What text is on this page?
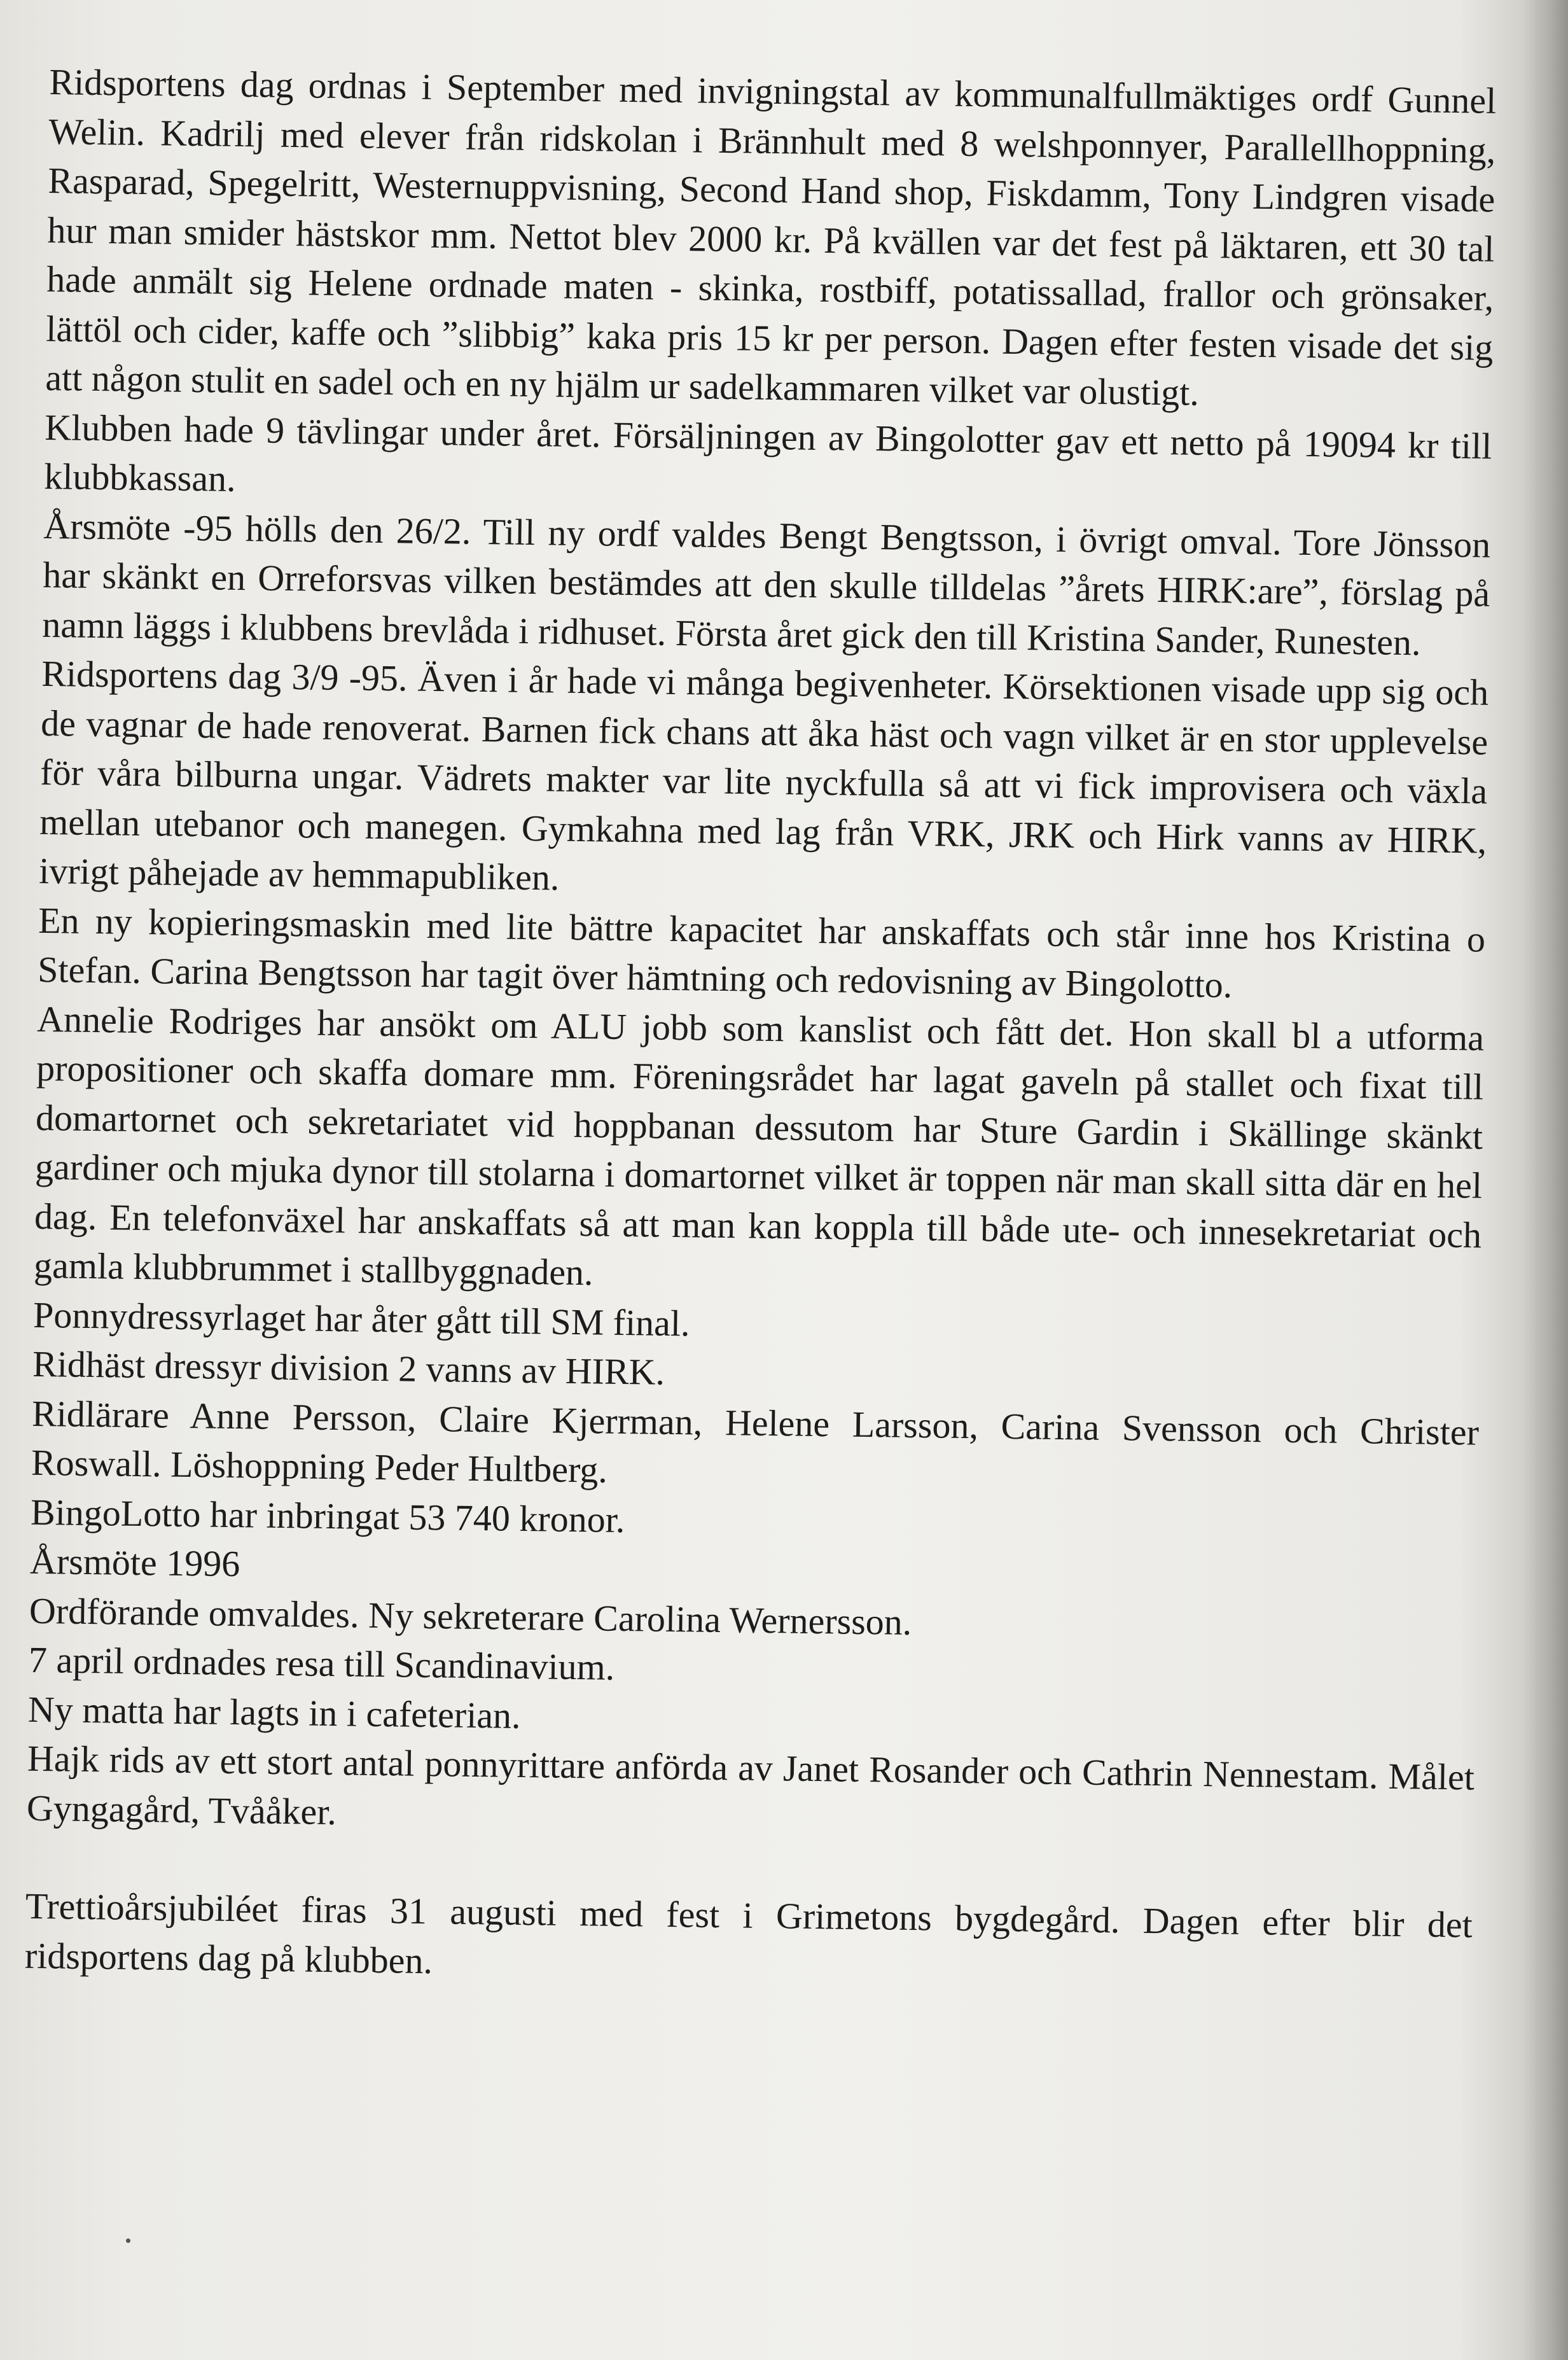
Ridsportens dag ordnas i September med invigningstal av kommunalfullmäktiges ordf Gunnel Welin. Kadrilj med elever från ridskolan i Brännhult med 8 welshponnyer, Parallellhoppning, Rasparad, Spegelritt, Westernuppvisning, Second Hand shop, Fiskdamm, Tony Lindgren visade hur man smider hästskor mm. Nettot blev 2000 kr. På kvällen var det fest på läktaren, ett 30 tal hade anmält sig Helene ordnade maten - skinka, rostbiff, potatissallad, frallor och grönsaker, lättöl och cider, kaffe och ”slibbig” kaka pris 15 kr per person. Dagen efter festen visade det sig att någon stulit en sadel och en ny hjälm ur sadelkammaren vilket var olustigt.

Klubben hade 9 tävlingar under året. Försäljningen av Bingolotter gav ett netto på 19094 kr till klubbkassan.

Årsmöte -95 hölls den 26/2. Till ny ordf valdes Bengt Bengtsson, i övrigt omval. Tore Jönsson har skänkt en Orreforsvas vilken bestämdes att den skulle tilldelas ”årets HIRK:are”, förslag på namn läggs i klubbens brevlåda i ridhuset. Första året gick den till Kristina Sander, Runesten.

Ridsportens dag 3/9 -95. Även i år hade vi många begivenheter. Körsektionen visade upp sig och de vagnar de hade renoverat. Barnen fick chans att åka häst och vagn vilket är en stor upplevelse för våra bilburna ungar. Vädrets makter var lite nyckfulla så att vi fick improvisera och växla mellan utebanor och manegen. Gymkahna med lag från VRK, JRK och Hirk vanns av HIRK, ivrigt påhejade av hemmapubliken.

En ny kopieringsmaskin med lite bättre kapacitet har anskaffats och står inne hos Kristina o Stefan. Carina Bengtsson har tagit över hämtning och redovisning av Bingolotto.

Annelie Rodriges har ansökt om ALU jobb som kanslist och fått det. Hon skall bl a utforma propositioner och skaffa domare mm. Föreningsrådet har lagat gaveln på stallet och fixat till domartornet och sekretariatet vid hoppbanan dessutom har Sture Gardin i Skällinge skänkt gardiner och mjuka dynor till stolarna i domartornet vilket är toppen när man skall sitta där en hel dag. En telefonväxel har anskaffats så att man kan koppla till både ute- och innesekretariat och gamla klubbrummet i stallbyggnaden.

Ponnydressyrlaget har åter gått till SM final.

Ridhäst dressyr division 2 vanns av HIRK.

Ridlärare Anne Persson, Claire Kjerrman, Helene Larsson, Carina Svensson och Christer Roswall. Löshoppning Peder Hultberg.

BingoLotto har inbringat 53 740 kronor.

Årsmöte 1996

Ordförande omvaldes. Ny sekreterare Carolina Wernersson.

7 april ordnades resa till Scandinavium.

Ny matta har lagts in i cafeterian.

Hajk rids av ett stort antal ponnyrittare anförda av Janet Rosander och Cathrin Nennestam. Målet Gyngagård, Tvååker.

Trettioårsjubiléet firas 31 augusti med fest i Grimetons bygdegård. Dagen efter blir det ridsportens dag på klubben.
